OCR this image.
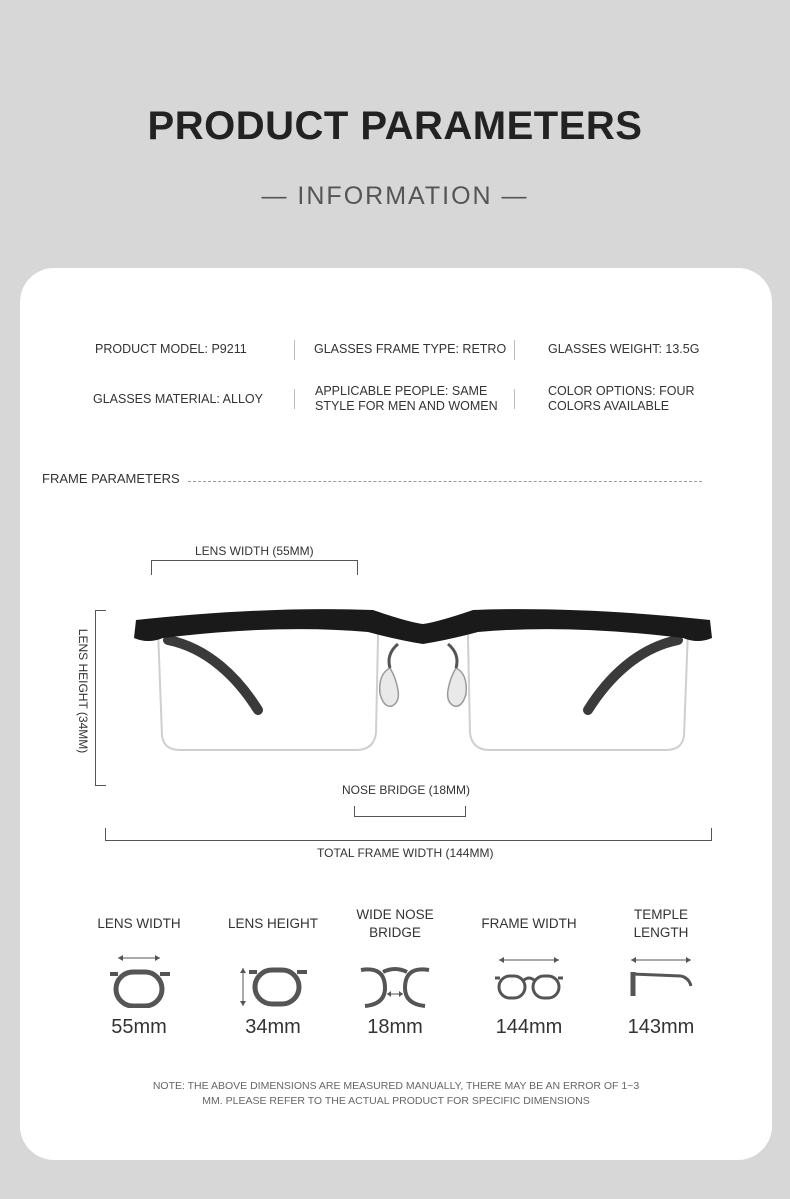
PRODUCT PARAMETERS
— INFORMATION —
PRODUCT MODEL: P9211	GLASSES FRAME TYPE: RETRO	GLASSES WEIGHT: 13.5G
GLASSES MATERIAL: ALLOY
APPLICABLE PEOPLE: SAME
STYLE FOR MEN AND WOMEN
COLOR OPTIONS: FOUR
COLORS AVAILABLE
FRAME PARAMETERS
LENS WIDTH (55MM)
LENS HEIGHT (34MM)
NOSE BRIDGE (18MM)
TOTAL FRAME WIDTH (144MM)
LENS WIDTH
55mm
LENS HEIGHT
34mm
WIDE NOSE
BRIDGE
18mm
FRAME WIDTH
144mm
TEMPLE
LENGTH
143mm
NOTE: THE ABOVE DIMENSIONS ARE MEASURED MANUALLY, THERE MAY BE AN ERROR OF 1~3
MM. PLEASE REFER TO THE ACTUAL PRODUCT FOR SPECIFIC DIMENSIONS
